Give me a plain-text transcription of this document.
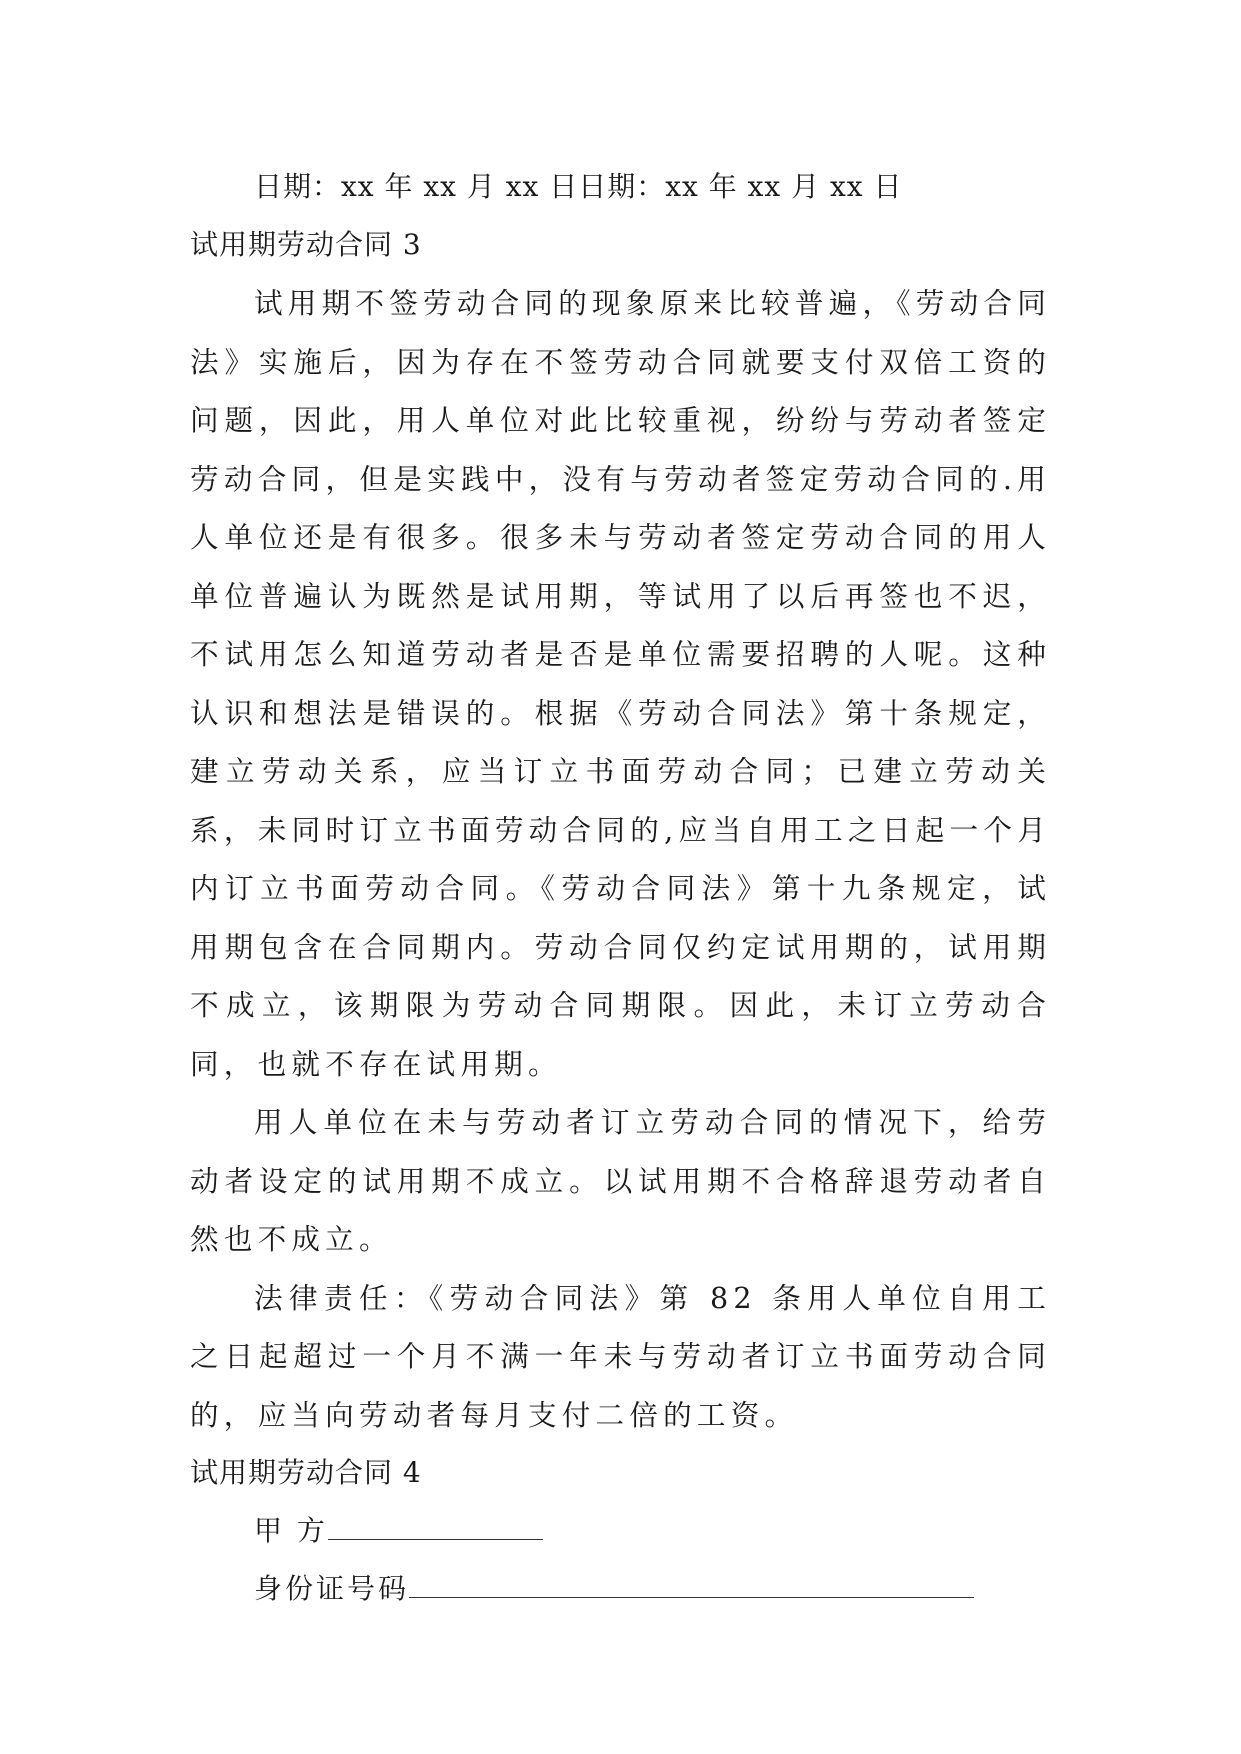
日期：xx 年 xx 月 xx 日日期：xx 年 xx 月 xx 日
试用期劳动合同 3

试用期不签劳动合同的现象原来比较普遍，《劳动合同法》实施后，因为存在不签劳动合同就要支付双倍工资的问题，因此，用人单位对此比较重视，纷纷与劳动者签定劳动合同，但是实践中，没有与劳动者签定劳动合同的.用人单位还是有很多。很多未与劳动者签定劳动合同的用人单位普遍认为既然是试用期，等试用了以后再签也不迟，不试用怎么知道劳动者是否是单位需要招聘的人呢。这种认识和想法是错误的。根据《劳动合同法》第十条规定，建立劳动关系，应当订立书面劳动合同；已建立劳动关系，未同时订立书面劳动合同的,应当自用工之日起一个月内订立书面劳动合同。《劳动合同法》第十九条规定，试用期包含在合同期内。劳动合同仅约定试用期的，试用期不成立，该期限为劳动合同期限。因此，未订立劳动合同，也就不存在试用期。

用人单位在未与劳动者订立劳动合同的情况下，给劳动者设定的试用期不成立。以试用期不合格辞退劳动者自然也不成立。

法律责任：《劳动合同法》第 82 条用人单位自用工之日起超过一个月不满一年未与劳动者订立书面劳动合同的，应当向劳动者每月支付二倍的工资。

试用期劳动合同 4
甲 方
身份证号码
